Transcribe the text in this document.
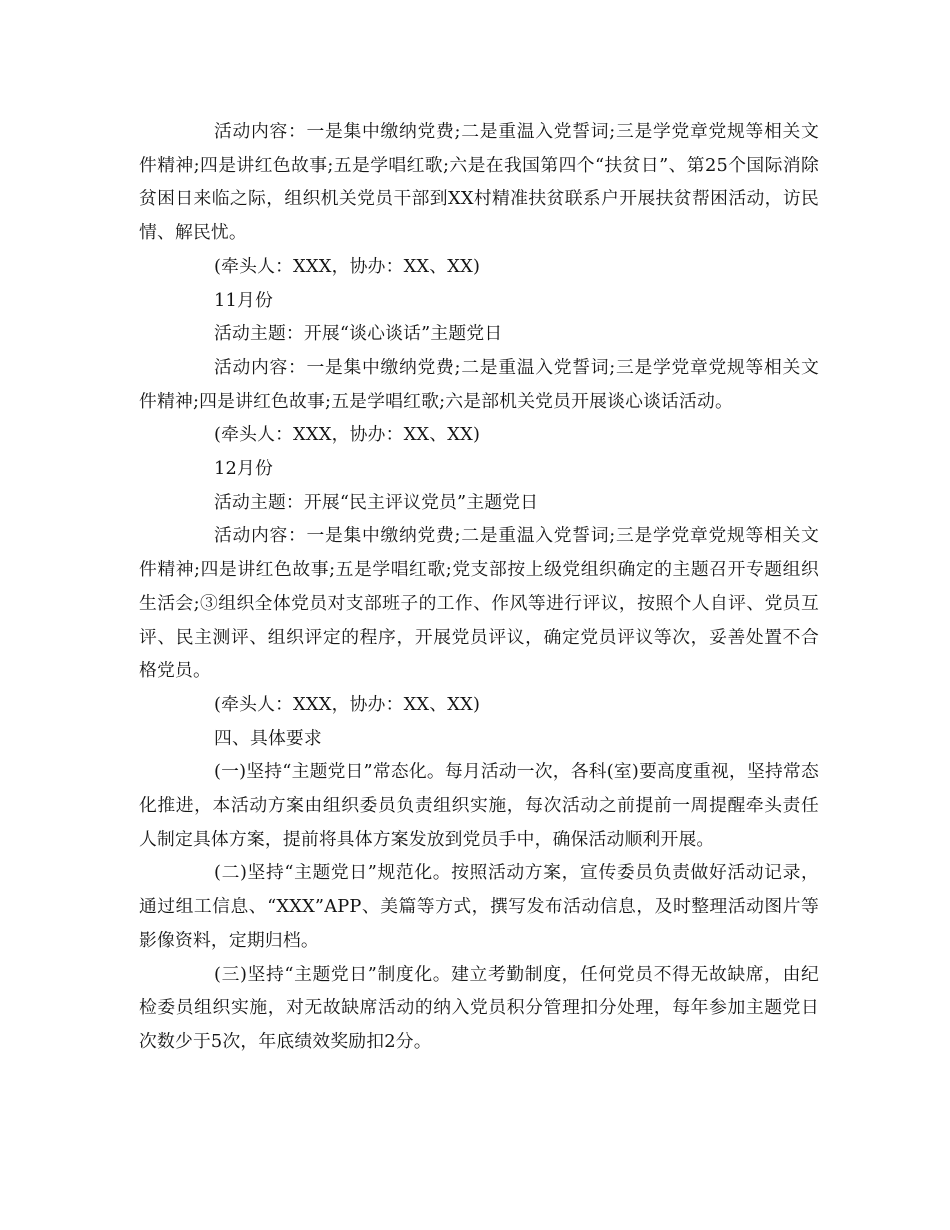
活动内容：一是集中缴纳党费;二是重温入党誓词;三是学党章党规等相关文件精神;四是讲红色故事;五是学唱红歌;六是在我国第四个“扶贫日”、第25个国际消除贫困日来临之际，组织机关党员干部到XX村精准扶贫联系户开展扶贫帮困活动，访民情、解民忧。

(牵头人：XXX，协办：XX、XX)

11月份

活动主题：开展“谈心谈话”主题党日

活动内容：一是集中缴纳党费;二是重温入党誓词;三是学党章党规等相关文件精神;四是讲红色故事;五是学唱红歌;六是部机关党员开展谈心谈话活动。

(牵头人：XXX，协办：XX、XX)

12月份

活动主题：开展“民主评议党员”主题党日

活动内容：一是集中缴纳党费;二是重温入党誓词;三是学党章党规等相关文件精神;四是讲红色故事;五是学唱红歌;党支部按上级党组织确定的主题召开专题组织生活会;③组织全体党员对支部班子的工作、作风等进行评议，按照个人自评、党员互评、民主测评、组织评定的程序，开展党员评议，确定党员评议等次，妥善处置不合格党员。

(牵头人：XXX，协办：XX、XX)

四、具体要求

(一)坚持“主题党日”常态化。每月活动一次，各科(室)要高度重视，坚持常态化推进，本活动方案由组织委员负责组织实施，每次活动之前提前一周提醒牵头责任人制定具体方案，提前将具体方案发放到党员手中，确保活动顺利开展。

(二)坚持“主题党日”规范化。按照活动方案，宣传委员负责做好活动记录，通过组工信息、“XXX”APP、美篇等方式，撰写发布活动信息，及时整理活动图片等影像资料，定期归档。

(三)坚持“主题党日”制度化。建立考勤制度，任何党员不得无故缺席，由纪检委员组织实施，对无故缺席活动的纳入党员积分管理扣分处理，每年参加主题党日次数少于5次，年底绩效奖励扣2分。
